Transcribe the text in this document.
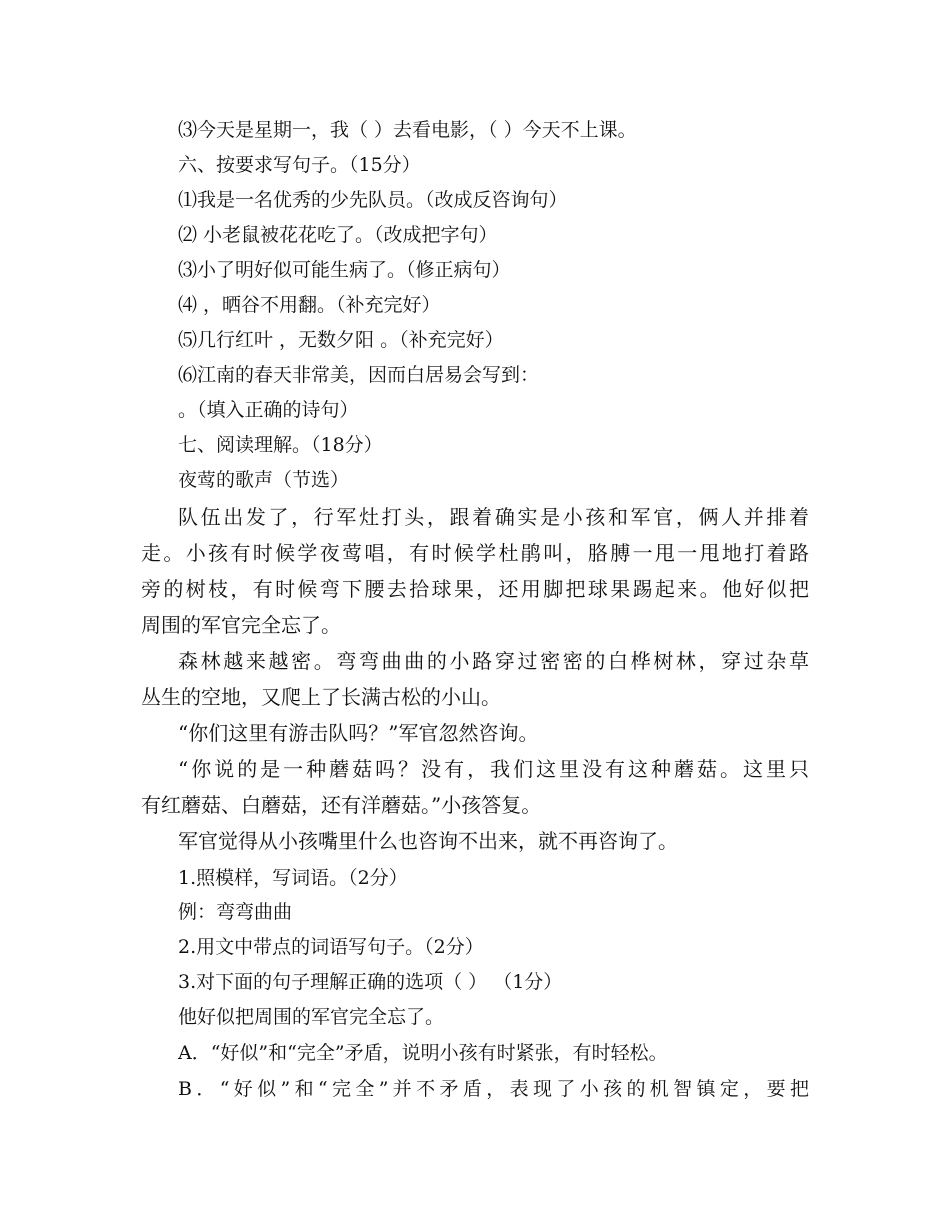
⑶今天是星期一，我（ ）去看电影，（ ）今天不上课。
六、按要求写句子。（15分）
⑴我是一名优秀的少先队员。（改成反咨询句）
⑵ 小老鼠被花花吃了。（改成把字句）
⑶小了明好似可能生病了。（修正病句）
⑷ ，晒谷不用翻。（补充完好）
⑸几行红叶 ，无数夕阳 。（补充完好）
⑹江南的春天非常美，因而白居易会写到：
。（填入正确的诗句）
七、阅读理解。（18分）
夜莺的歌声（节选）
队伍出发了，行军灶打头，跟着确实是小孩和军官，俩人并排着
走。小孩有时候学夜莺唱，有时候学杜鹃叫，胳膊一甩一甩地打着路
旁的树枝，有时候弯下腰去拾球果，还用脚把球果踢起来。他好似把
周围的军官完全忘了。
森林越来越密。弯弯曲曲的小路穿过密密的白桦树林，穿过杂草
丛生的空地，又爬上了长满古松的小山。
“你们这里有游击队吗？”军官忽然咨询。
“你说的是一种蘑菇吗？没有，我们这里没有这种蘑菇。这里只
有红蘑菇、白蘑菇，还有洋蘑菇。”小孩答复。
军官觉得从小孩嘴里什么也咨询不出来，就不再咨询了。
1.照模样，写词语。（2分）
例：弯弯曲曲
2.用文中带点的词语写句子。（2分）
3.对下面的句子理解正确的选项（ ） （1分）
他好似把周围的军官完全忘了。
A．“好似”和“完全”矛盾，说明小孩有时紧张，有时轻松。
B．“好似”和“完全”并不矛盾，表现了小孩的机智镇定，要把
